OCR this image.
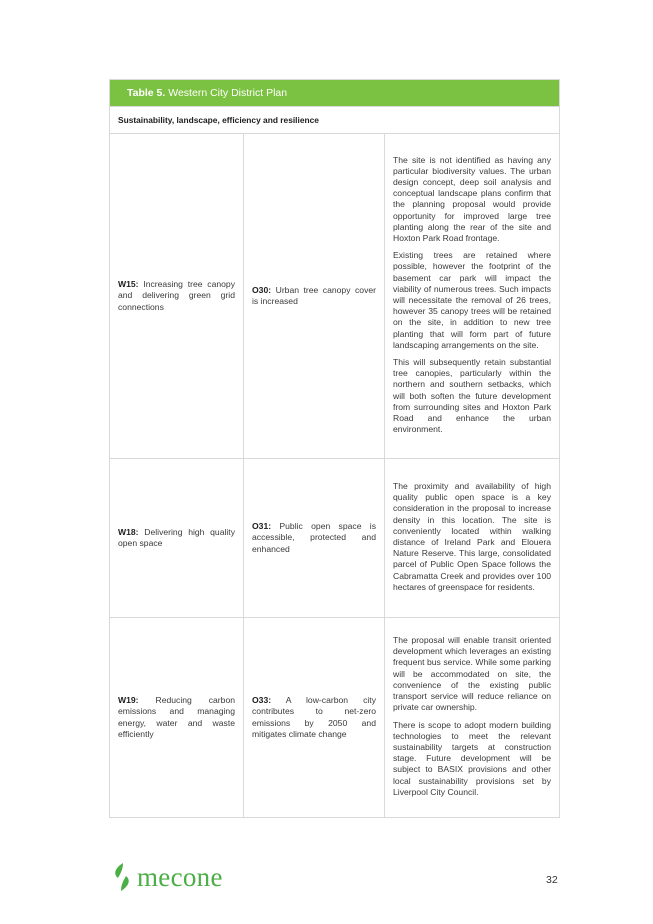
Table 5. Western City District Plan
Sustainability, landscape, efficiency and resilience
W15: Increasing tree canopy and delivering green grid connections	O30: Urban tree canopy cover is increased	The site is not identified as having any particular biodiversity values. The urban design concept, deep soil analysis and conceptual landscape plans confirm that the planning proposal would provide opportunity for improved large tree planting along the rear of the site and Hoxton Park Road frontage.

Existing trees are retained where possible, however the footprint of the basement car park will impact the viability of numerous trees. Such impacts will necessitate the removal of 26 trees, however 35 canopy trees will be retained on the site, in addition to new tree planting that will form part of future landscaping arrangements on the site.

This will subsequently retain substantial tree canopies, particularly within the northern and southern setbacks, which will both soften the future development from surrounding sites and Hoxton Park Road and enhance the urban environment.

W18: Delivering high quality open space	O31: Public open space is accessible, protected and enhanced	The proximity and availability of high quality public open space is a key consideration in the proposal to increase density in this location. The site is conveniently located within walking distance of Ireland Park and Elouera Nature Reserve. This large, consolidated parcel of Public Open Space follows the Cabramatta Creek and provides over 100 hectares of greenspace for residents.

W19: Reducing carbon emissions and managing energy, water and waste efficiently	O33: A low-carbon city contributes to net-zero emissions by 2050 and mitigates climate change	The proposal will enable transit oriented development which leverages an existing frequent bus service. While some parking will be accommodated on site, the convenience of the existing public transport service will reduce reliance on private car ownership.

There is scope to adopt modern building technologies to meet the relevant sustainability targets at construction stage. Future development will be subject to BASIX provisions and other local sustainability provisions set by Liverpool City Council.

mecone	32
